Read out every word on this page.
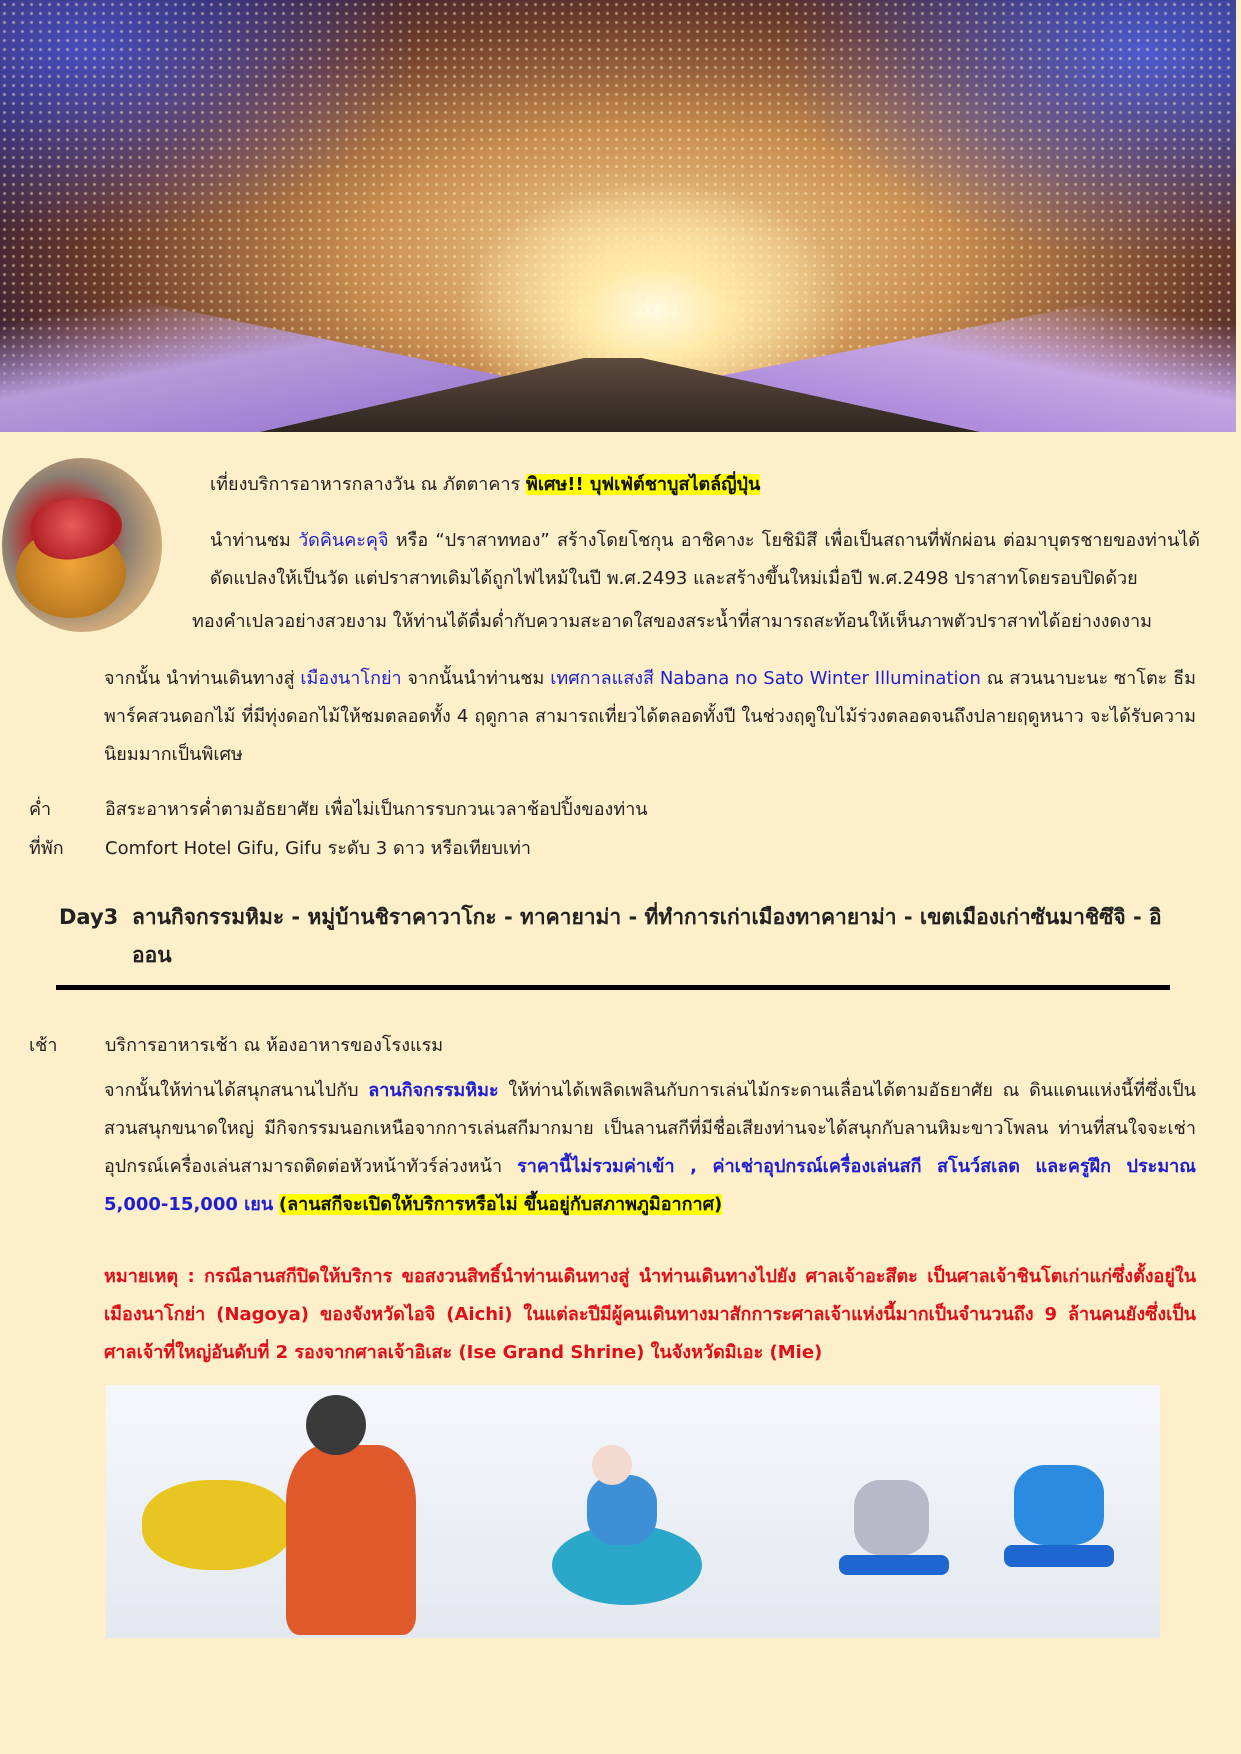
เที่ยงบริการอาหารกลางวัน ณ ภัตตาคาร พิเศษ!! บุฟเฟ่ต์ชาบูสไตล์ญี่ปุ่น
นำท่านชม วัดคินคะคุจิ หรือ “ปราสาททอง” สร้างโดยโชกุน อาชิคางะ โยชิมิสึ เพื่อเป็นสถานที่พักผ่อน ต่อมาบุตรชายของท่านได้ดัดแปลงให้เป็นวัด แต่ปราสาทเดิมได้ถูกไฟไหม้ในปี พ.ศ.2493 และสร้างขึ้นใหม่เมื่อปี พ.ศ.2498 ปราสาทโดยรอบปิดด้วย
ทองคำเปลวอย่างสวยงาม ให้ท่านได้ดื่มด่ำกับความสะอาดใสของสระน้ำที่สามารถสะท้อนให้เห็นภาพตัวปราสาทได้อย่างงดงาม
จากนั้น นำท่านเดินทางสู่ เมืองนาโกย่า จากนั้นนำท่านชม เทศกาลแสงสี Nabana no Sato Winter Illumination ณ สวนนาบะนะ ซาโตะ ธีมพาร์คสวนดอกไม้ ที่มีทุ่งดอกไม้ให้ชมตลอดทั้ง 4 ฤดูกาล สามารถเที่ยวได้ตลอดทั้งปี ในช่วงฤดูใบไม้ร่วงตลอดจนถึงปลายฤดูหนาว จะได้รับความนิยมมากเป็นพิเศษ
ค่ำ	อิสระอาหารค่ำตามอัธยาศัย เพื่อไม่เป็นการรบกวนเวลาช้อปปิ้งของท่าน
ที่พัก Comfort Hotel Gifu, Gifu ระดับ 3 ดาว หรือเทียบเท่า
Day3 ลานกิจกรรมหิมะ - หมู่บ้านชิราคาวาโกะ - ทาคายาม่า - ที่ทำการเก่าเมืองทาคายาม่า - เขตเมืองเก่าซันมาชิซึจิ - อิออน
เช้า	บริการอาหารเช้า ณ ห้องอาหารของโรงแรม
จากนั้นให้ท่านได้สนุกสนานไปกับ ลานกิจกรรมหิมะ ให้ท่านได้เพลิดเพลินกับการเล่นไม้กระดานเลื่อนได้ตามอัธยาศัย ณ ดินแดนแห่งนี้ที่ซึ่งเป็นสวนสนุกขนาดใหญ่ มีกิจกรรมนอกเหนือจากการเล่นสกีมากมาย เป็นลานสกีที่มีชื่อเสียงท่านจะได้สนุกกับลานหิมะขาวโพลน ท่านที่สนใจจะเช่าอุปกรณ์เครื่องเล่นสามารถติดต่อหัวหน้าทัวร์ล่วงหน้า ราคานี้ไม่รวมค่าเข้า , ค่าเช่าอุปกรณ์เครื่องเล่นสกี สโนว์สเลด และครูฝึก ประมาณ 5,000-15,000 เยน (ลานสกีจะเปิดให้บริการหรือไม่ ขึ้นอยู่กับสภาพภูมิอากาศ)
หมายเหตุ : กรณีลานสกีปิดให้บริการ ขอสงวนสิทธิ์นำท่านเดินทางสู่ นำท่านเดินทางไปยัง ศาลเจ้าอะสึตะ เป็นศาลเจ้าชินโตเก่าแก่ซึ่งตั้งอยู่ในเมืองนาโกย่า (Nagoya) ของจังหวัดไอจิ (Aichi) ในแต่ละปีมีผู้คนเดินทางมาสักการะศาลเจ้าแห่งนี้มากเป็นจำนวนถึง 9 ล้านคนยังซึ่งเป็นศาลเจ้าที่ใหญ่อันดับที่ 2 รองจากศาลเจ้าอิเสะ (Ise Grand Shrine) ในจังหวัดมิเอะ (Mie)
